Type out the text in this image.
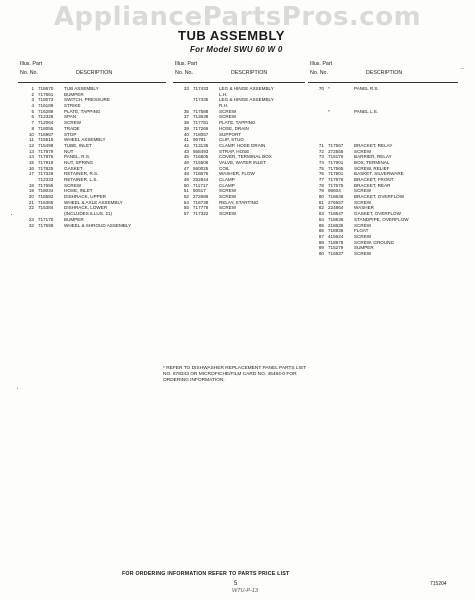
AppliancePartsPros.com
TUB ASSEMBLY
For Model SWU 60 W 0
Illus. Part
No. No.	DESCRIPTION
1 718670 TUB ASSEMBLY
2 717661 BUMPER
3 718073 SWITCH, PRESSURE
4 716189 STRIKE
5 716289 PLATE, TAPPING
6 712328 SPAN
7 712064 SCREW
8 718055 TRADE
10 716957 STOP
11 715515 WHEEL ASSEMBLY
12 715498 TUBE, INLET
13 717879 NUT
14 717876 PANEL, R.S.
15 717919 NUT, SPRING
16 717825 GASKET
17 717326 RETAINER, R.S.
712333 RETAINER, L.S.
18 717655 SCREW
19 718034 HOSE, INLET
20 718582 DISHRACK, UPPER
21 716365 WHEEL & AXLE ASSEMBLY
22 715384 DISHRACK, LOWER
(INCLUDES ILLUS. 21)
23 717170 BUMPER
32 717599 WHEEL & SHROUD ASSEMBLY
Illus. Part
No. No.	DESCRIPTION
33 717433 LEG & HINGE ASSEMBLY
L.H.
717435 LEG & HINGE ASSEMBLY
R.H.
35 717588 SCREW
37 713638 SCREW
38 717781 PLATE, TAPPING
39 717266 HOSE, DRAIN
40 718057 SUPPORT
41 96781	CLIP, STUD
42 713135 CLAMP, HOSE DRAIN
43 568493 STRAP, HOSE
45 716605 COVER, TERMINAL BOX
46 715506 VALVE, WATER INLET
47 560025 COIL
48 718675 WASHER, FLOW
49 252844 CLAMP
50 711717 CLAMP
51 90517	SCREW
52 272686 SCREW
54 716739 RELAY, STARTING
55 717778 SCREW
57 717322 SCREW
Illus. Part
No. No.	DESCRIPTION
70 *	PANEL R.S.
*	PANEL L.S.
71 717567 BRACKET, RELAY
72 272555 SCREW
73 715176 BARRIER, RELAY
74 717901 BOX, TERMINAL
75 717565 SCREW, RELIEF
76 717901 BASKET, SILVERWARE
77 717976 BRACKET, FRONT
78 717675 BRACKET, REAR
79 98604	SCREW
80 718636 BRACKET, OVERFLOW
81 276557 SCREW
82 224864 WASHER
83 718647 GASKET, OVERFLOW
84 718636 STANDPIPE, OVERFLOW
85 218635 SCREW
86 718936 FLOAT
87 415624 SCREW
88 718978 SCREW, GROUND
89 715279 SUMPER
90 716937 SCREW
–
* REFER TO DISHWASHER REPLACEMENT PANEL PARTS LIST NO. 678343 OR MICROFICHE/FILM CARD NO. 45484-0 FOR ORDERING INFORMATION.
FOR ORDERING INFORMATION REFER TO PARTS PRICE LIST
5	715204
WTU-P-13
